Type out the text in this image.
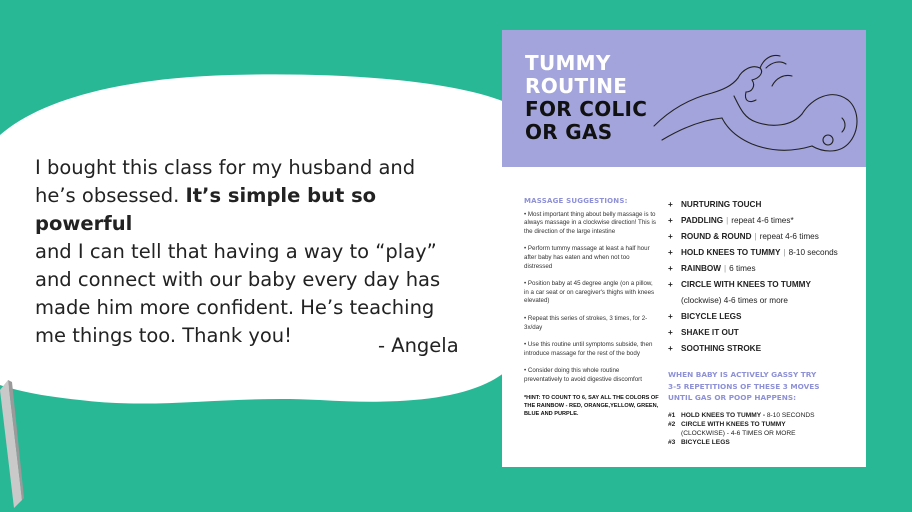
I bought this class for my husband and
he’s obsessed. It’s simple but so powerful
and I can tell that having a way to “play”
and connect with our baby every day has
made him more confident. He’s teaching
me things too. Thank you!	- Angela
TUMMY
ROUTINE
FOR COLIC
OR GAS
MASSAGE SUGGESTIONS:
• Most important thing about belly massage is to always massage in a clockwise direction! This is the direction of the large intestine
• Perform tummy massage at least a half hour after baby has eaten and when not too distressed
• Position baby at 45 degree angle (on a pillow, in a car seat or on caregiver's thighs with knees elevated)
• Repeat this series of strokes, 3 times, for 2-3x/day
• Use this routine until symptoms subside, then introduce massage for the rest of the body
• Consider doing this whole routine preventatively to avoid digestive discomfort
*HINT: TO COUNT TO 6, SAY ALL THE COLORS OF THE RAINBOW - RED, ORANGE,YELLOW, GREEN, BLUE AND PURPLE.
+ NURTURING TOUCH
+ PADDLING | repeat 4-6 times*
+ ROUND & ROUND | repeat 4-6 times
+ HOLD KNEES TO TUMMY | 8-10 seconds
+ RAINBOW | 6 times
+ CIRCLE WITH KNEES TO TUMMY
(clockwise) 4-6 times or more
+ BICYCLE LEGS
+ SHAKE IT OUT
+ SOOTHING STROKE
WHEN BABY IS ACTIVELY GASSY TRY
3-5 REPETITIONS OF THESE 3 MOVES
UNTIL GAS OR POOP HAPPENS:
#1 HOLD KNEES TO TUMMY - 8-10 SECONDS
#2 CIRCLE WITH KNEES TO TUMMY
(CLOCKWISE) - 4-6 TIMES OR MORE
#3 BICYCLE LEGS
